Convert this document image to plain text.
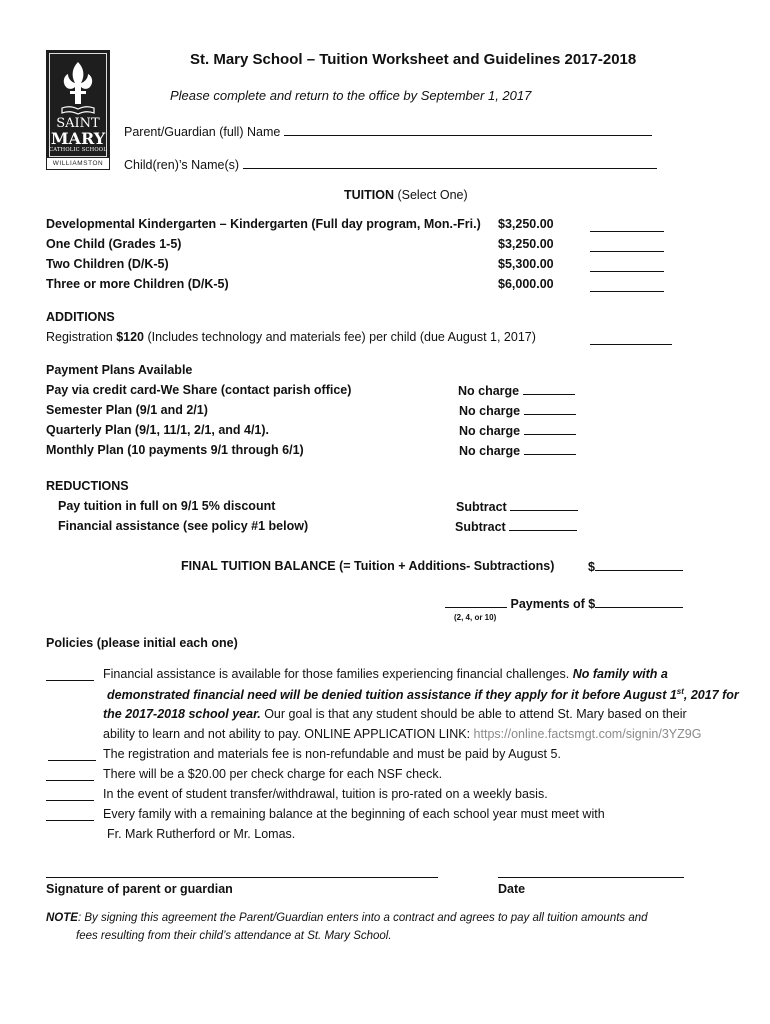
SAINT
MARY
CATHOLIC SCHOOL
WILLIAMSTON
St. Mary School – Tuition Worksheet and Guidelines 2017-2018
Please complete and return to the office by September 1, 2017
Parent/Guardian (full) Name
Child(ren)’s Name(s)
TUITION (Select One)
Developmental Kindergarten – Kindergarten (Full day program, Mon.-Fri.) $3,250.00
One Child (Grades 1-5)	$3,250.00
Two Children (D/K-5)	$5,300.00
Three or more Children (D/K-5)	$6,000.00
ADDITIONS
Registration $120 (Includes technology and materials fee) per child (due August 1, 2017)
Payment Plans Available
Pay via credit card-We Share (contact parish office)	No charge
Semester Plan (9/1 and 2/1)	No charge
Quarterly Plan (9/1, 11/1, 2/1, and 4/1).	No charge
Monthly Plan (10 payments 9/1 through 6/1)	No charge
REDUCTIONS
Pay tuition in full on 9/1 5% discount	Subtract
Financial assistance (see policy #1 below)	Subtract
FINAL TUITION BALANCE (= Tuition + Additions- Subtractions)	$
Payments of $
(2, 4, or 10)
Policies (please initial each one)
Financial assistance is available for those families experiencing financial challenges. No family with a
demonstrated financial need will be denied tuition assistance if they apply for it before August 1st, 2017 for
the 2017-2018 school year. Our goal is that any student should be able to attend St. Mary based on their
ability to learn and not ability to pay. ONLINE APPLICATION LINK: https://online.factsmgt.com/signin/3YZ9G
The registration and materials fee is non-refundable and must be paid by August 5.
There will be a $20.00 per check charge for each NSF check.
In the event of student transfer/withdrawal, tuition is pro-rated on a weekly basis.
Every family with a remaining balance at the beginning of each school year must meet with
Fr. Mark Rutherford or Mr. Lomas.
Signature of parent or guardian	Date
NOTE: By signing this agreement the Parent/Guardian enters into a contract and agrees to pay all tuition amounts and
fees resulting from their child’s attendance at St. Mary School.
